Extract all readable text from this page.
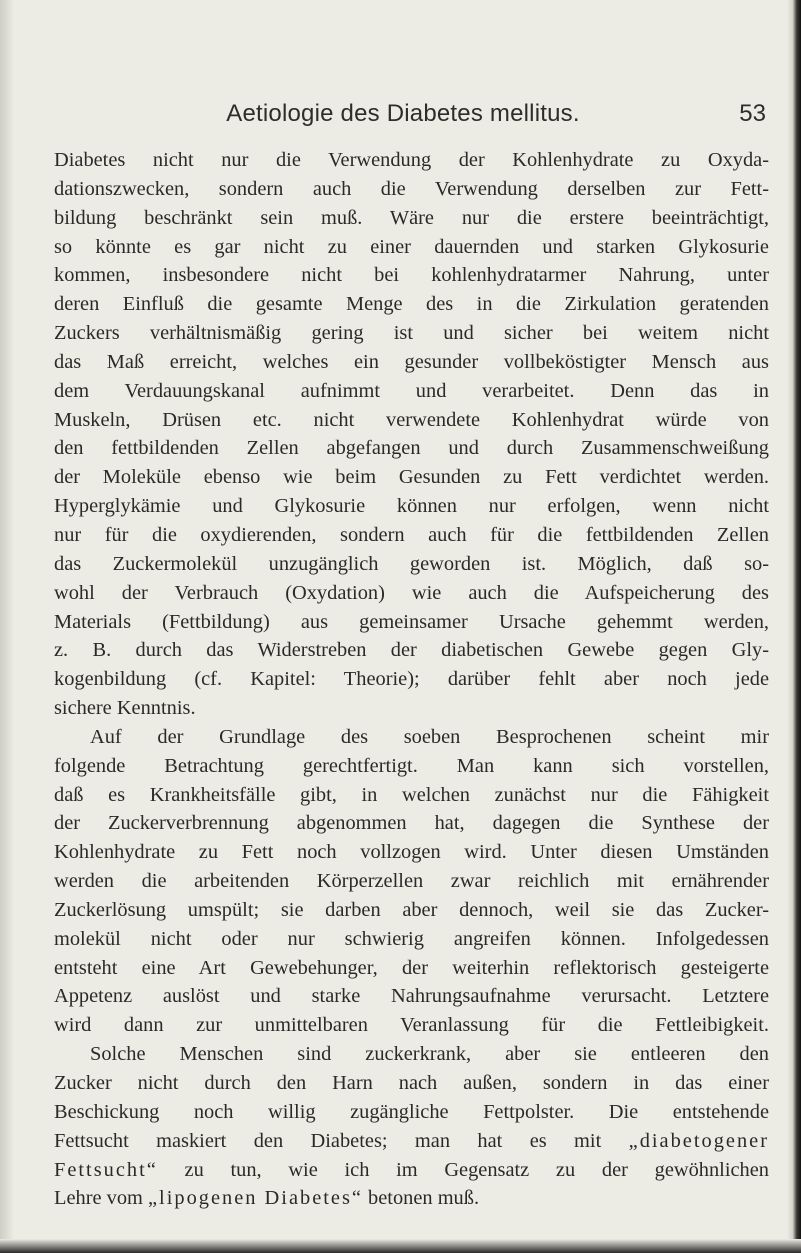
Aetiologie des Diabetes mellitus.	53
Diabetes nicht nur die Verwendung der Kohlenhydrate zu Oxyda-
dationszwecken, sondern auch die Verwendung derselben zur Fett-
bildung beschränkt sein muß. Wäre nur die erstere beeinträchtigt,
so könnte es gar nicht zu einer dauernden und starken Glykosurie
kommen, insbesondere nicht bei kohlenhydratarmer Nahrung, unter
deren Einfluß die gesamte Menge des in die Zirkulation geratenden
Zuckers verhältnismäßig gering ist und sicher bei weitem nicht
das Maß erreicht, welches ein gesunder vollbeköstigter Mensch aus
dem Verdauungskanal aufnimmt und verarbeitet. Denn das in
Muskeln, Drüsen etc. nicht verwendete Kohlenhydrat würde von
den fettbildenden Zellen abgefangen und durch Zusammenschweißung
der Moleküle ebenso wie beim Gesunden zu Fett verdichtet werden.
Hyperglykämie und Glykosurie können nur erfolgen, wenn nicht
nur für die oxydierenden, sondern auch für die fettbildenden Zellen
das Zuckermolekül unzugänglich geworden ist. Möglich, daß so-
wohl der Verbrauch (Oxydation) wie auch die Aufspeicherung des
Materials (Fettbildung) aus gemeinsamer Ursache gehemmt werden,
z. B. durch das Widerstreben der diabetischen Gewebe gegen Gly-
kogenbildung (cf. Kapitel: Theorie); darüber fehlt aber noch jede
sichere Kenntnis.
Auf der Grundlage des soeben Besprochenen scheint mir
folgende Betrachtung gerechtfertigt. Man kann sich vorstellen,
daß es Krankheitsfälle gibt, in welchen zunächst nur die Fähigkeit
der Zuckerverbrennung abgenommen hat, dagegen die Synthese der
Kohlenhydrate zu Fett noch vollzogen wird. Unter diesen Umständen
werden die arbeitenden Körperzellen zwar reichlich mit ernährender
Zuckerlösung umspült; sie darben aber dennoch, weil sie das Zucker-
molekül nicht oder nur schwierig angreifen können. Infolgedessen
entsteht eine Art Gewebehunger, der weiterhin reflektorisch gesteigerte
Appetenz auslöst und starke Nahrungsaufnahme verursacht. Letztere
wird dann zur unmittelbaren Veranlassung für die Fettleibigkeit.
Solche Menschen sind zuckerkrank, aber sie entleeren den
Zucker nicht durch den Harn nach außen, sondern in das einer
Beschickung noch willig zugängliche Fettpolster. Die entstehende
Fettsucht maskiert den Diabetes; man hat es mit „diabetogener
Fettsucht“ zu tun, wie ich im Gegensatz zu der gewöhnlichen
Lehre vom „lipogenen Diabetes“ betonen muß.
